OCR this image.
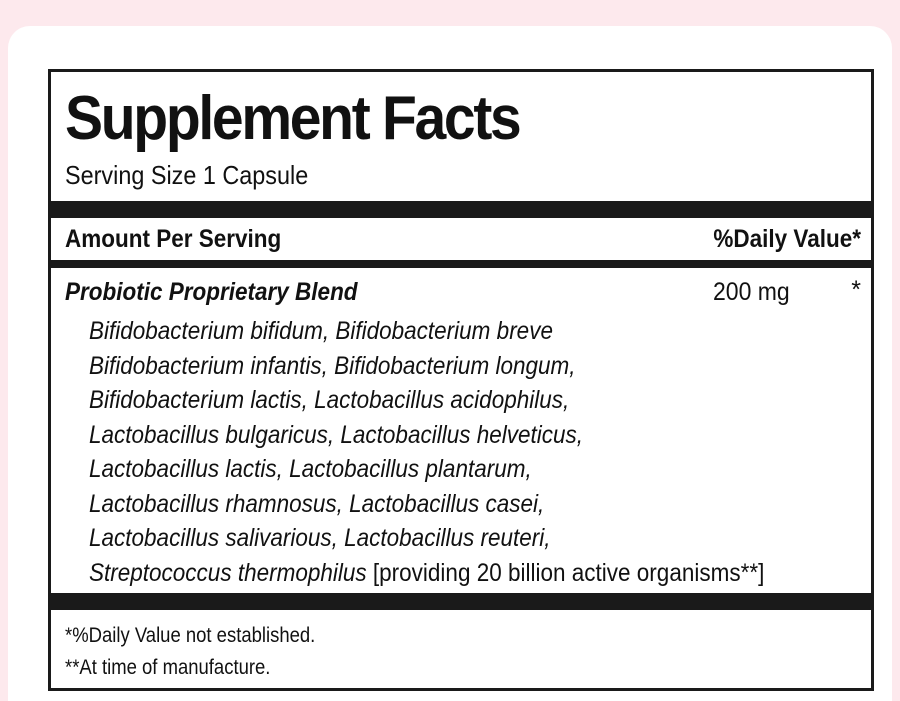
Supplement Facts
Serving Size 1 Capsule
Amount Per Serving	%Daily Value*
Probiotic Proprietary Blend	200 mg *
Bifidobacterium bifidum, Bifidobacterium breve
Bifidobacterium infantis, Bifidobacterium longum,
Bifidobacterium lactis, Lactobacillus acidophilus,
Lactobacillus bulgaricus, Lactobacillus helveticus,
Lactobacillus lactis, Lactobacillus plantarum,
Lactobacillus rhamnosus, Lactobacillus casei,
Lactobacillus salivarious, Lactobacillus reuteri,
Streptococcus thermophilus [providing 20 billion active organisms**]
*%Daily Value not established.
**At time of manufacture.
